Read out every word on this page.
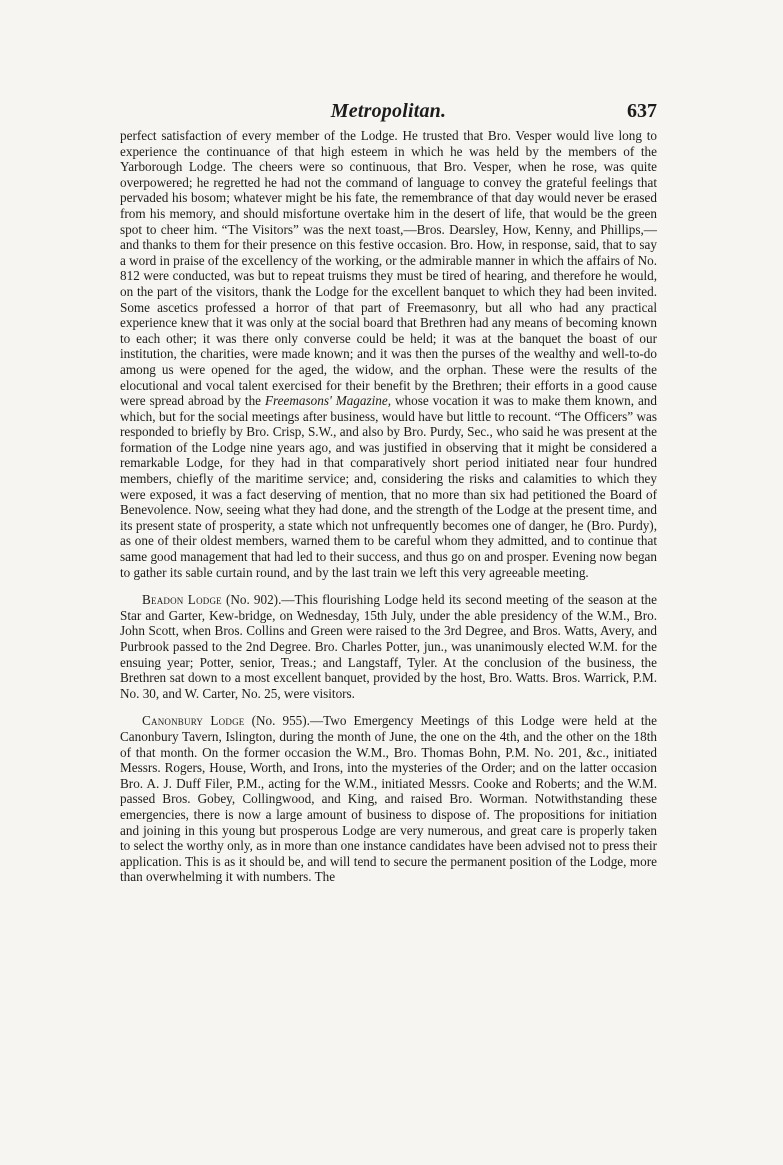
Metropolitan.	637

perfect satisfaction of every member of the Lodge. He trusted that Bro. Vesper would live long to experience the continuance of that high esteem in which he was held by the members of the Yarborough Lodge. The cheers were so continuous, that Bro. Vesper, when he rose, was quite overpowered; he regretted he had not the command of language to convey the grateful feelings that pervaded his bosom; whatever might be his fate, the remembrance of that day would never be erased from his memory, and should misfortune overtake him in the desert of life, that would be the green spot to cheer him. “The Visitors” was the next toast,—Bros. Dearsley, How, Kenny, and Phillips,—and thanks to them for their presence on this festive occasion. Bro. How, in response, said, that to say a word in praise of the excellency of the working, or the admirable manner in which the affairs of No. 812 were conducted, was but to repeat truisms they must be tired of hearing, and therefore he would, on the part of the visitors, thank the Lodge for the excellent banquet to which they had been invited. Some ascetics professed a horror of that part of Freemasonry, but all who had any practical experience knew that it was only at the social board that Brethren had any means of becoming known to each other; it was there only converse could be held; it was at the banquet the boast of our institution, the charities, were made known; and it was then the purses of the wealthy and well-to-do among us were opened for the aged, the widow, and the orphan. These were the results of the elocutional and vocal talent exercised for their benefit by the Brethren; their efforts in a good cause were spread abroad by the Freemasons' Magazine, whose vocation it was to make them known, and which, but for the social meetings after business, would have but little to recount. “The Officers” was responded to briefly by Bro. Crisp, S.W., and also by Bro. Purdy, Sec., who said he was present at the formation of the Lodge nine years ago, and was justified in observing that it might be considered a remarkable Lodge, for they had in that comparatively short period initiated near four hundred members, chiefly of the maritime service; and, considering the risks and calamities to which they were exposed, it was a fact deserving of mention, that no more than six had petitioned the Board of Benevolence. Now, seeing what they had done, and the strength of the Lodge at the present time, and its present state of prosperity, a state which not unfrequently becomes one of danger, he (Bro. Purdy), as one of their oldest members, warned them to be careful whom they admitted, and to continue that same good management that had led to their success, and thus go on and prosper. Evening now began to gather its sable curtain round, and by the last train we left this very agreeable meeting.

Beadon Lodge (No. 902).—This flourishing Lodge held its second meeting of the season at the Star and Garter, Kew-bridge, on Wednesday, 15th July, under the able presidency of the W.M., Bro. John Scott, when Bros. Collins and Green were raised to the 3rd Degree, and Bros. Watts, Avery, and Purbrook passed to the 2nd Degree. Bro. Charles Potter, jun., was unanimously elected W.M. for the ensuing year; Potter, senior, Treas.; and Langstaff, Tyler. At the conclusion of the business, the Brethren sat down to a most excellent banquet, provided by the host, Bro. Watts. Bros. Warrick, P.M. No. 30, and W. Carter, No. 25, were visitors.

Canonbury Lodge (No. 955).—Two Emergency Meetings of this Lodge were held at the Canonbury Tavern, Islington, during the month of June, the one on the 4th, and the other on the 18th of that month. On the former occasion the W.M., Bro. Thomas Bohn, P.M. No. 201, &c., initiated Messrs. Rogers, House, Worth, and Irons, into the mysteries of the Order; and on the latter occasion Bro. A. J. Duff Filer, P.M., acting for the W.M., initiated Messrs. Cooke and Roberts; and the W.M. passed Bros. Gobey, Collingwood, and King, and raised Bro. Worman. Notwithstanding these emergencies, there is now a large amount of business to dispose of. The propositions for initiation and joining in this young but prosperous Lodge are very numerous, and great care is properly taken to select the worthy only, as in more than one instance candidates have been advised not to press their application. This is as it should be, and will tend to secure the permanent position of the Lodge, more than overwhelming it with numbers. The
